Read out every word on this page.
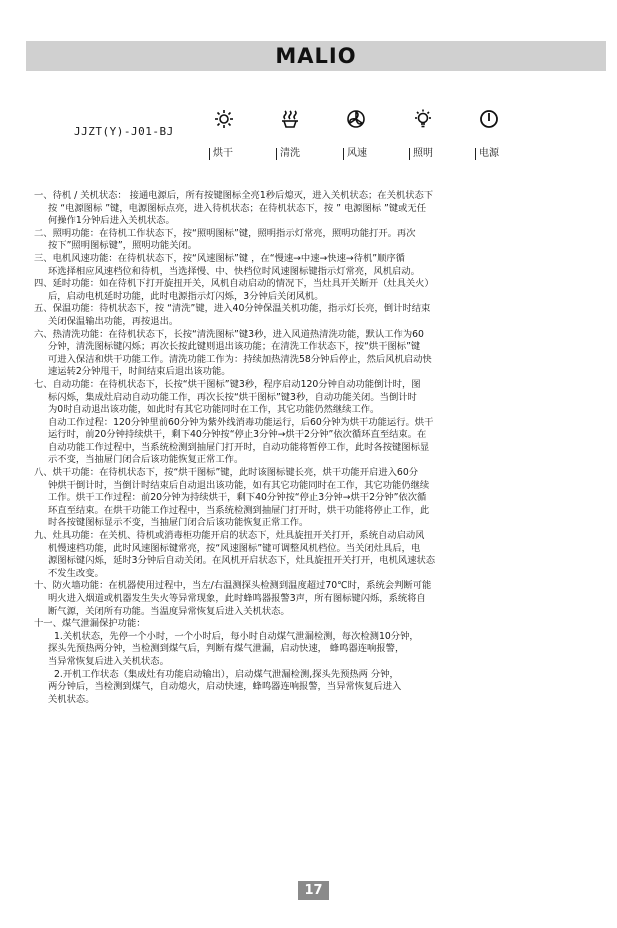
MALIO
JJZT(Y)-J01-BJ
烘干	清洗	风速	照明	电源

一、待机 / 关机状态： 接通电源后，所有按键图标全亮1秒后熄灭，进入关机状态；在关机状态下

按 “电源图标 ”键，电源图标点亮，进入待机状态；在待机状态下，按 ” 电源图标 ”键或无任

何操作1分钟后进入关机状态。

二、照明功能：在待机工作状态下，按“照明图标”键，照明指示灯常亮，照明功能打开。再次

按下”照明图标键”，照明功能关闭。

三、电机风速功能：在待机状态下，按“风速图标”键 ，在“慢速→中速→快速→待机”顺序循

环选择相应风速档位和待机，当选择慢、中、快档位时风速图标键指示灯常亮，风机启动。

四、延时功能：如在待机下打开旋扭开关，风机自动启动的情况下，当灶具开关断开（灶具关火）

后，启动电机延时功能，此时电源指示灯闪烁，3分钟后关闭风机。

五、保温功能：待机状态下，按 “清洗”键，进入40分钟保温关机功能，指示灯长亮，倒计时结束

关闭保温输出功能，再按退出。

六、热清洗功能：在待机状态下，长按“清洗图标”键3秒，进入风道热清洗功能，默认工作为60

分钟，清洗图标键闪烁；再次长按此键则退出该功能；在清洗工作状态下，按“烘干图标”键

可进入保洁和烘干功能工作。清洗功能工作为：持续加热清洗58分钟后停止，然后风机启动快

速运转2分钟甩干，时间结束后退出该功能。

七、自动功能：在待机状态下，长按“烘干图标”键3秒，程序启动120分钟自动功能倒计时，图

标闪烁，集成灶启动自动功能工作，再次长按“烘干图标”键3秒，自动功能关闭。当倒计时

为0时自动退出该功能，如此时有其它功能同时在工作，其它功能仍然继续工作。

自动工作过程：120分钟里前60分钟为紫外线消毒功能运行，后60分钟为烘干功能运行。烘干

运行时，前20分钟持续烘干，剩下40分钟按“停止3分钟→烘干2分钟”依次循环直至结束。在

自动功能工作过程中，当系统检测到抽屉门打开时，自动功能将暂停工作，此时各按键图标显

示不变，当抽屉门闭合后该功能恢复正常工作。

八、烘干功能：在待机状态下，按“烘干图标”键，此时该图标键长亮，烘干功能开启进入60分

钟烘干倒计时，当倒计时结束后自动退出该功能，如有其它功能同时在工作，其它功能仍继续

工作。烘干工作过程：前20分钟为持续烘干，剩下40分钟按“停止3分钟→烘干2分钟”依次循

环直至结束。在烘干功能工作过程中，当系统检测到抽屉门打开时，烘干功能将停止工作，此

时各按键图标显示不变，当抽屉门闭合后该功能恢复正常工作。

九、灶具功能：在关机、待机或消毒柜功能开启的状态下，灶具旋扭开关打开，系统自动启动风

机慢速档功能，此时风速图标键常亮，按“风速图标”键可调整风机档位。当关闭灶具后，电

源图标键闪烁，延时3分钟后自动关闭。在风机开启状态下，灶具旋扭开关打开，电机风速状态

不发生改变。

十、防火墙功能：在机器使用过程中，当左/右温测探头检测到温度超过70℃时，系统会判断可能

明火进入烟道或机器发生失火等异常现象，此时蜂鸣器报警3声，所有图标键闪烁，系统将自

断气源，关闭所有功能。当温度异常恢复后进入关机状态。

十一、煤气泄漏保护功能：

1.关机状态，先停一个小时，一个小时后，每小时自动煤气泄漏检测，每次检测10分钟，

探头先预热两分钟，当检测到煤气后，判断有煤气泄漏，启动快速， 蜂鸣器连响报警，

当异常恢复后进入关机状态。

2.开机工作状态（集成灶有功能启动输出），启动煤气泄漏检测,探头先预热两 分钟，

两分钟后，当检测到煤气，自动熄火，启动快速，蜂鸣器连响报警，当异常恢复后进入

关机状态。

17
